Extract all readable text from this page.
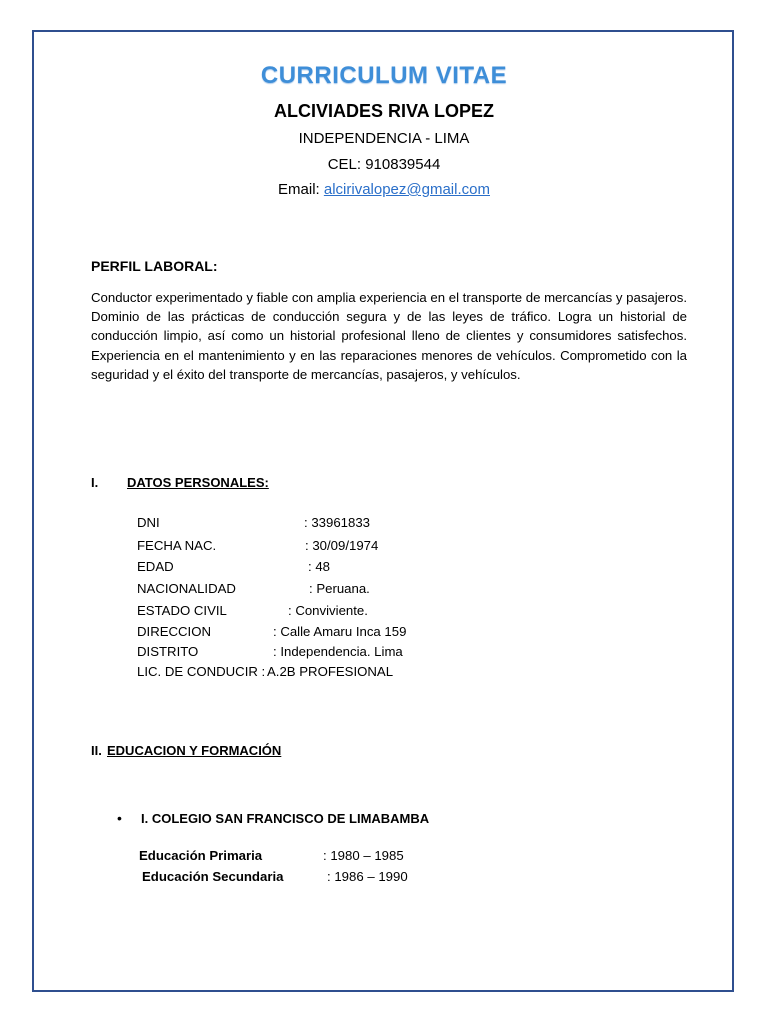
CURRICULUM VITAE
ALCIVIADES RIVA LOPEZ
INDEPENDENCIA - LIMA
CEL: 910839544
Email: alcirivalopez@gmail.com
PERFIL LABORAL:
Conductor experimentado y fiable con amplia experiencia en el transporte de mercancías y pasajeros. Dominio de las prácticas de conducción segura y de las leyes de tráfico. Logra un historial de conducción limpio, así como un historial profesional lleno de clientes y consumidores satisfechos. Experiencia en el mantenimiento y en las reparaciones menores de vehículos. Comprometido con la seguridad y el éxito del transporte de mercancías, pasajeros, y vehículos.
I. DATOS PERSONALES:
DNI	: 33961833
FECHA NAC.	: 30/09/1974
EDAD	: 48
NACIONALIDAD	: Peruana.
ESTADO CIVIL	: Conviviente.
DIRECCION	: Calle Amaru Inca 159
DISTRITO	: Independencia. Lima
LIC. DE CONDUCIR : A.2B PROFESIONAL
II. EDUCACION Y FORMACIÓN
• I. COLEGIO SAN FRANCISCO DE LIMABAMBA
Educación Primaria	: 1980 – 1985
Educación Secundaria	: 1986 – 1990
